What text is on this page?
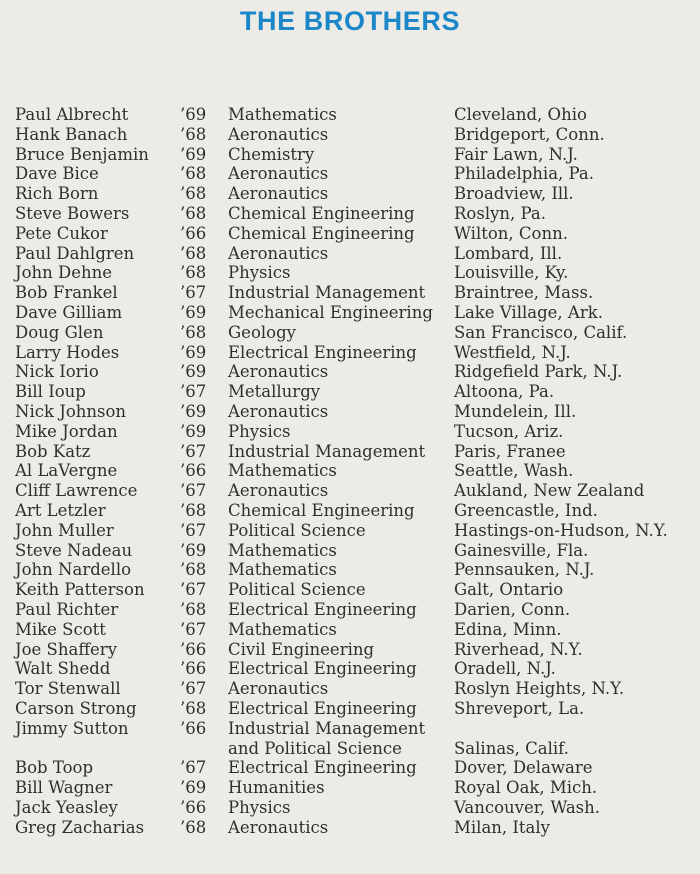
THE BROTHERS
Paul Albrecht	’69	Mathematics	Cleveland, Ohio
Hank Banach	’68	Aeronautics	Bridgeport, Conn.
Bruce Benjamin	’69	Chemistry	Fair Lawn, N.J.
Dave Bice	’68	Aeronautics	Philadelphia, Pa.
Rich Born	’68	Aeronautics	Broadview, Ill.
Steve Bowers	’68	Chemical Engineering	Roslyn, Pa.
Pete Cukor	’66	Chemical Engineering	Wilton, Conn.
Paul Dahlgren	’68	Aeronautics	Lombard, Ill.
John Dehne	’68	Physics	Louisville, Ky.
Bob Frankel	’67	Industrial Management	Braintree, Mass.
Dave Gilliam	’69	Mechanical Engineering	Lake Village, Ark.
Doug Glen	’68	Geology	San Francisco, Calif.
Larry Hodes	’69	Electrical Engineering	Westfield, N.J.
Nick Iorio	’69	Aeronautics	Ridgefield Park, N.J.
Bill Ioup	’67	Metallurgy	Altoona, Pa.
Nick Johnson	’69	Aeronautics	Mundelein, Ill.
Mike Jordan	’69	Physics	Tucson, Ariz.
Bob Katz	’67	Industrial Management	Paris, Franee
Al LaVergne	’66	Mathematics	Seattle, Wash.
Cliff Lawrence	’67	Aeronautics	Aukland, New Zealand
Art Letzler	’68	Chemical Engineering	Greencastle, Ind.
John Muller	’67	Political Science	Hastings-on-Hudson, N.Y.
Steve Nadeau	’69	Mathematics	Gainesville, Fla.
John Nardello	’68	Mathematics	Pennsauken, N.J.
Keith Patterson	’67	Political Science	Galt, Ontario
Paul Richter	’68	Electrical Engineering	Darien, Conn.
Mike Scott	’67	Mathematics	Edina, Minn.
Joe Shaffery	’66	Civil Engineering	Riverhead, N.Y.
Walt Shedd	’66	Electrical Engineering	Oradell, N.J.
Tor Stenwall	’67	Aeronautics	Roslyn Heights, N.Y.
Carson Strong	’68	Electrical Engineering	Shreveport, La.
Jimmy Sutton	’66	Industrial Management and Political Science	Salinas, Calif.
Bob Toop	’67	Electrical Engineering	Dover, Delaware
Bill Wagner	’69	Humanities	Royal Oak, Mich.
Jack Yeasley	’66	Physics	Vancouver, Wash.
Greg Zacharias	’68	Aeronautics	Milan, Italy
